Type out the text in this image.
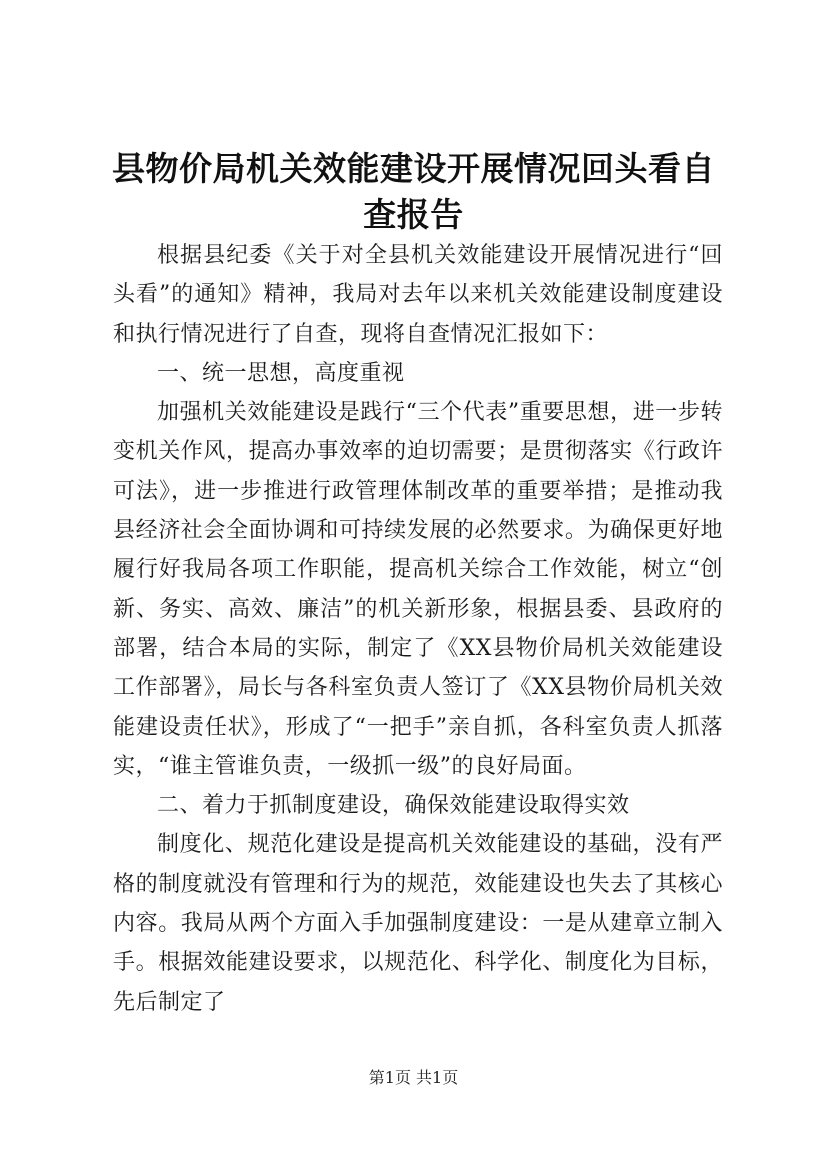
县物价局机关效能建设开展情况回头看自查报告

根据县纪委《关于对全县机关效能建设开展情况进行“回头看”的通知》精神，我局对去年以来机关效能建设制度建设和执行情况进行了自查，现将自查情况汇报如下：

一、统一思想，高度重视

加强机关效能建设是践行“三个代表”重要思想，进一步转变机关作风，提高办事效率的迫切需要；是贯彻落实《行政许可法》，进一步推进行政管理体制改革的重要举措；是推动我县经济社会全面协调和可持续发展的必然要求。为确保更好地履行好我局各项工作职能，提高机关综合工作效能，树立“创新、务实、高效、廉洁”的机关新形象，根据县委、县政府的部署，结合本局的实际，制定了《XX县物价局机关效能建设工作部署》，局长与各科室负责人签订了《XX县物价局机关效能建设责任状》，形成了“一把手”亲自抓，各科室负责人抓落实，“谁主管谁负责，一级抓一级”的良好局面。

二、着力于抓制度建设，确保效能建设取得实效

制度化、规范化建设是提高机关效能建设的基础，没有严格的制度就没有管理和行为的规范，效能建设也失去了其核心内容。我局从两个方面入手加强制度建设：一是从建章立制入手。根据效能建设要求，以规范化、科学化、制度化为目标，先后制定了

第1页 共1页
